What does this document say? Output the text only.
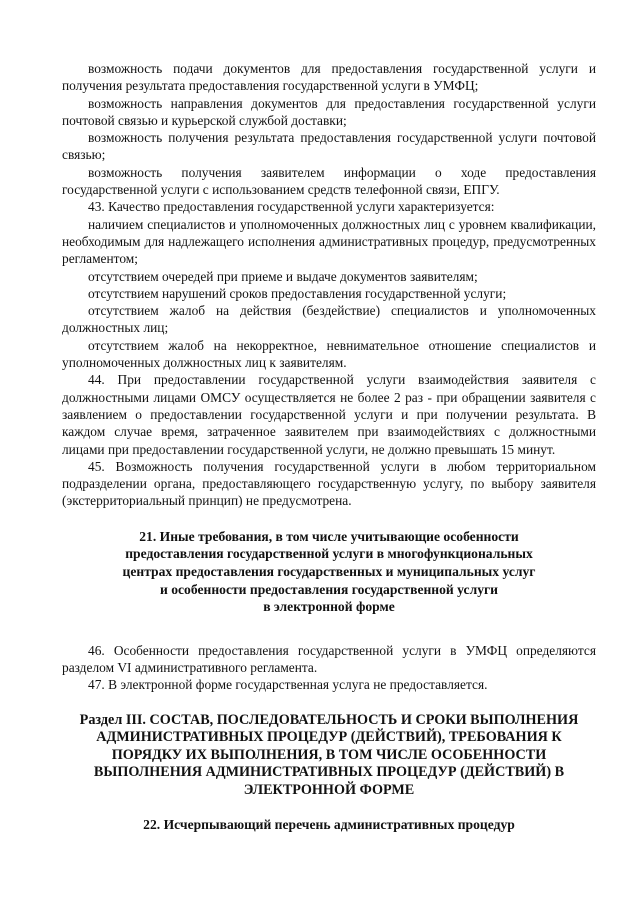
возможность подачи документов для предоставления государственной услуги и получения результата предоставления государственной услуги в УМФЦ;

возможность направления документов для предоставления государственной услуги почтовой связью и курьерской службой доставки;

возможность получения результата предоставления государственной услуги почтовой связью;

возможность получения заявителем информации о ходе предоставления государственной услуги с использованием средств телефонной связи, ЕПГУ.

43. Качество предоставления государственной услуги характеризуется:

наличием специалистов и уполномоченных должностных лиц с уровнем квалификации, необходимым для надлежащего исполнения административных процедур, предусмотренных регламентом;

отсутствием очередей при приеме и выдаче документов заявителям;

отсутствием нарушений сроков предоставления государственной услуги;

отсутствием жалоб на действия (бездействие) специалистов и уполномоченных должностных лиц;

отсутствием жалоб на некорректное, невнимательное отношение специалистов и уполномоченных должностных лиц к заявителям.

44. При предоставлении государственной услуги взаимодействия заявителя с должностными лицами ОМСУ осуществляется не более 2 раз - при обращении заявителя с заявлением о предоставлении государственной услуги и при получении результата. В каждом случае время, затраченное заявителем при взаимодействиях с должностными лицами при предоставлении государственной услуги, не должно превышать 15 минут.

45. Возможность получения государственной услуги в любом территориальном подразделении органа, предоставляющего государственную услугу, по выбору заявителя (экстерриториальный принцип) не предусмотрена.

21. Иные требования, в том числе учитывающие особенности
предоставления государственной услуги в многофункциональных
центрах предоставления государственных и муниципальных услуг
и особенности предоставления государственной услуги
в электронной форме

46. Особенности предоставления государственной услуги в УМФЦ определяются разделом VI административного регламента.

47. В электронной форме государственная услуга не предоставляется.

Раздел III. СОСТАВ, ПОСЛЕДОВАТЕЛЬНОСТЬ И СРОКИ ВЫПОЛНЕНИЯ
АДМИНИСТРАТИВНЫХ ПРОЦЕДУР (ДЕЙСТВИЙ), ТРЕБОВАНИЯ К
ПОРЯДКУ ИХ ВЫПОЛНЕНИЯ, В ТОМ ЧИСЛЕ ОСОБЕННОСТИ
ВЫПОЛНЕНИЯ АДМИНИСТРАТИВНЫХ ПРОЦЕДУР (ДЕЙСТВИЙ) В
ЭЛЕКТРОННОЙ ФОРМЕ
22. Исчерпывающий перечень административных процедур
